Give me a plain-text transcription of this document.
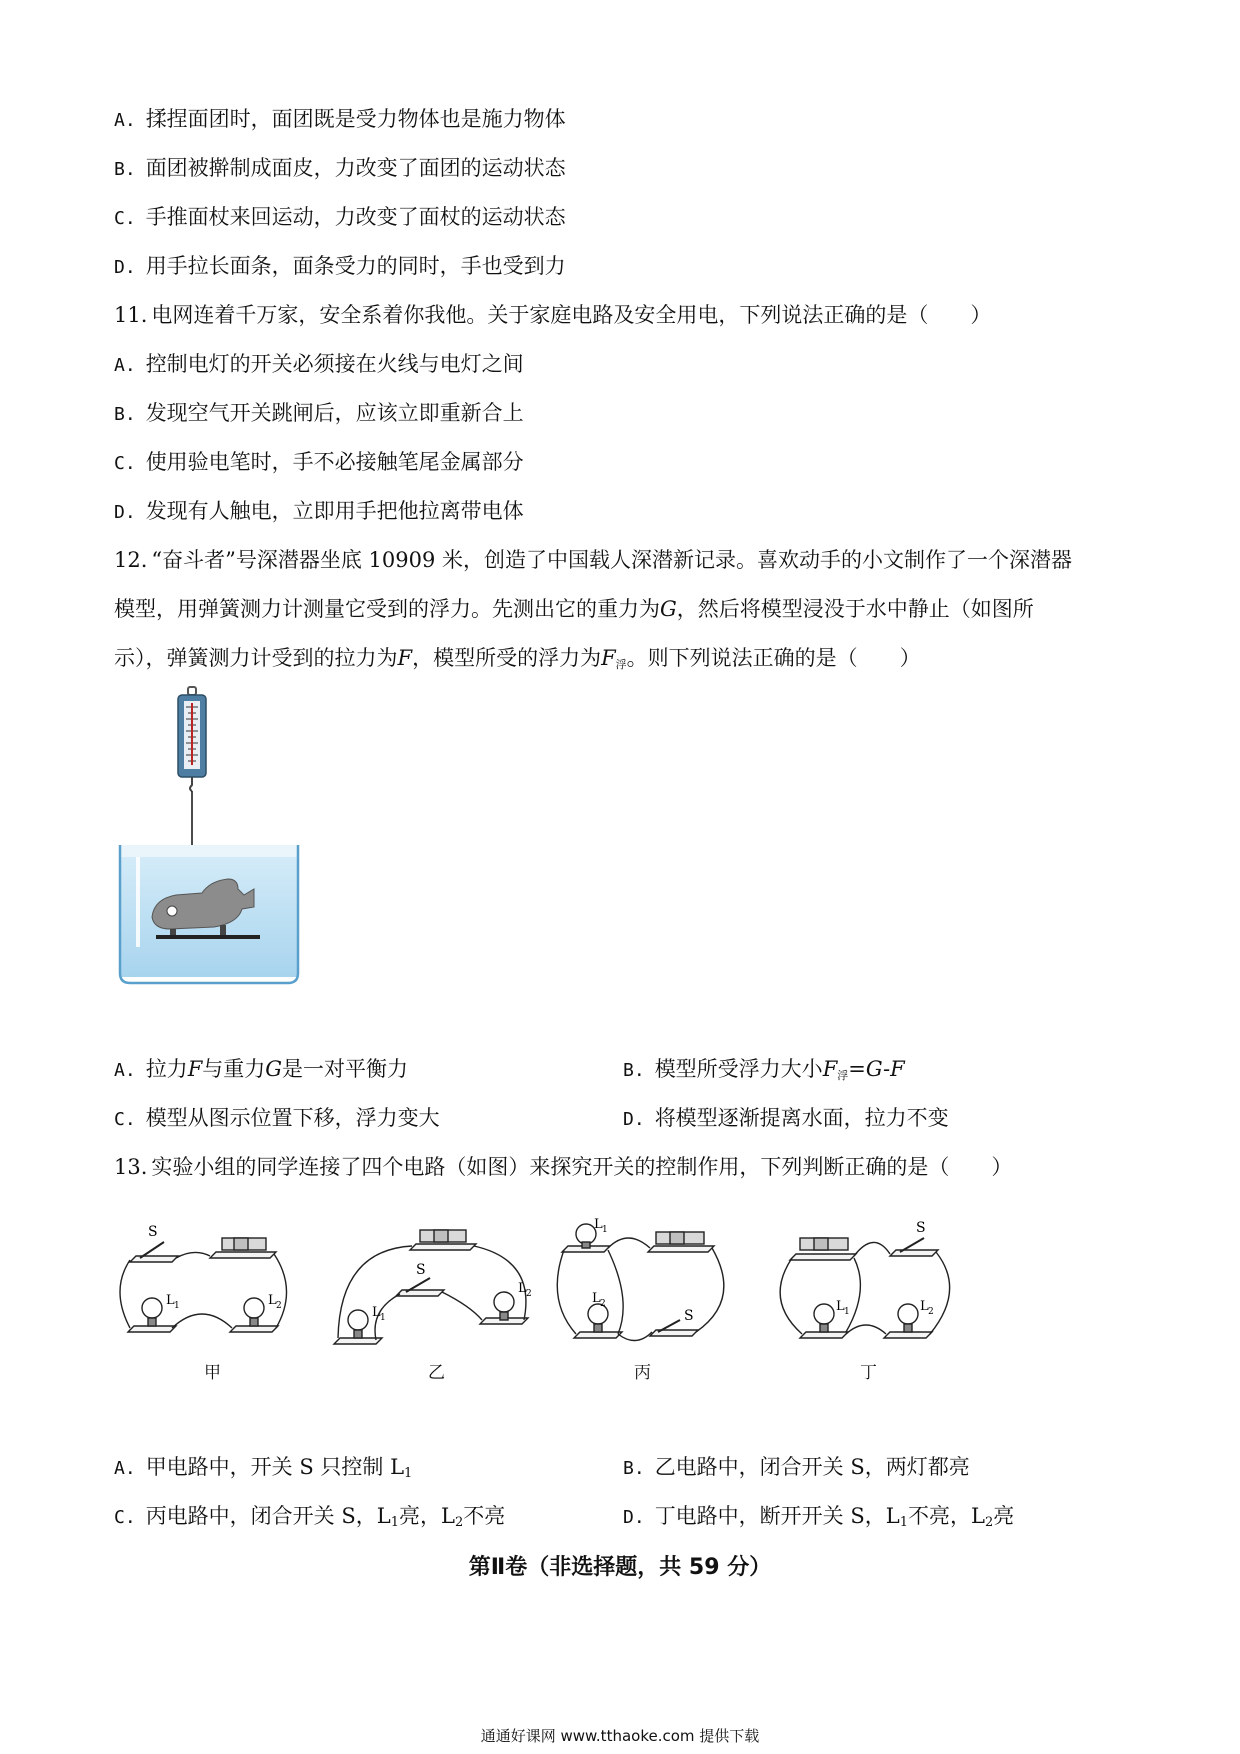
A. 揉捏面团时，面团既是受力物体也是施力物体
B. 面团被擀制成面皮，力改变了面团的运动状态
C. 手推面杖来回运动，力改变了面杖的运动状态
D. 用手拉长面条，面条受力的同时，手也受到力
11. 电网连着千万家，安全系着你我他。关于家庭电路及安全用电，下列说法正确的是（　　）
A. 控制电灯的开关必须接在火线与电灯之间
B. 发现空气开关跳闸后，应该立即重新合上
C. 使用验电笔时，手不必接触笔尾金属部分
D. 发现有人触电，立即用手把他拉离带电体
12. “奋斗者”号深潜器坐底 10909 米，创造了中国载人深潜新记录。喜欢动手的小文制作了一个深潜器
模型，用弹簧测力计测量它受到的浮力。先测出它的重力为G，然后将模型浸没于水中静止（如图所
示），弹簧测力计受到的拉力为F，模型所受的浮力为F浮。则下列说法正确的是（　　）
A. 拉力F与重力G是一对平衡力	B. 模型所受浮力大小F浮=G-F
C. 模型从图示位置下移，浮力变大	D. 将模型逐渐提离水面，拉力不变
13. 实验小组的同学连接了四个电路（如图）来探究开关的控制作用，下列判断正确的是（　　）
S
L 1	L 2
S
L 1
L 2
L 1
L 2
S
S
L 1	L 2
甲	乙	丙	丁
A. 甲电路中，开关 S 只控制 $L_1$	B. 乙电路中，闭合开关 S，两灯都亮
C. 丙电路中，闭合开关 S，$L_1$亮，$L_2$不亮	D. 丁电路中，断开开关 S，$L_1$不亮，$L_2$亮
第Ⅱ卷（非选择题，共 59 分）
通通好课网 www.tthaoke.com 提供下载
